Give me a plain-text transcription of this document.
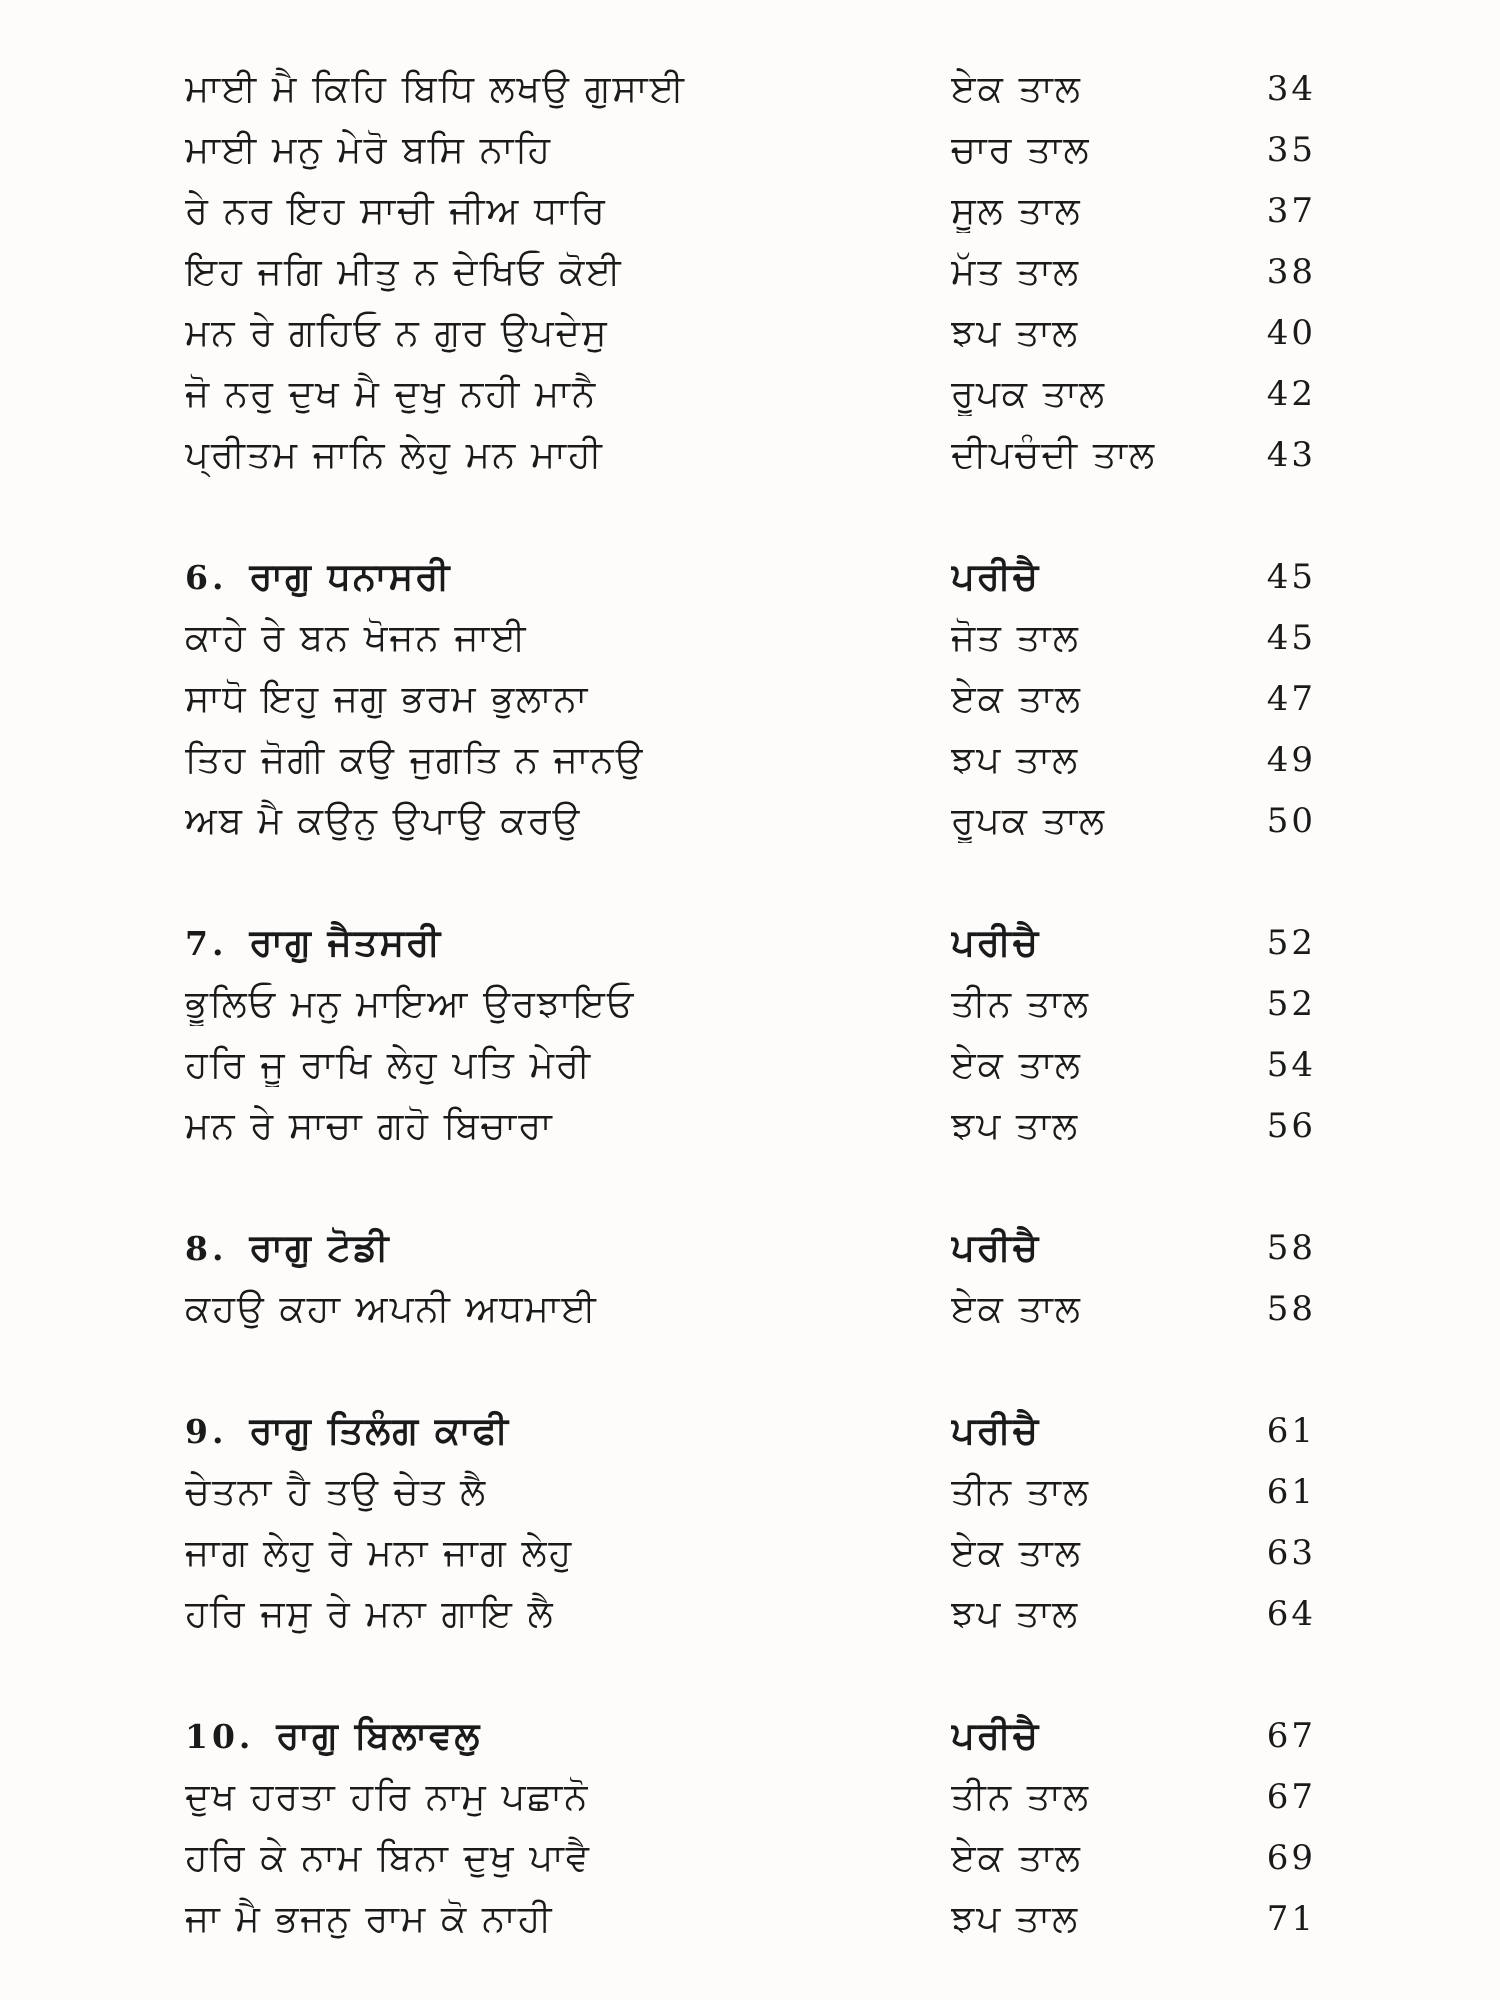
ਮਾਈ ਮੈ ਕਿਹਿ ਬਿਧਿ ਲਖਉ ਗੁਸਾਈ	ਏਕ ਤਾਲ	34
ਮਾਈ ਮਨੁ ਮੇਰੋ ਬਸਿ ਨਾਹਿ	ਚਾਰ ਤਾਲ	35
ਰੇ ਨਰ ਇਹ ਸਾਚੀ ਜੀਅ ਧਾਰਿ	ਸੂਲ ਤਾਲ	37
ਇਹ ਜਗਿ ਮੀਤੁ ਨ ਦੇਖਿਓ ਕੋਈ	ਮੱਤ ਤਾਲ	38
ਮਨ ਰੇ ਗਹਿਓ ਨ ਗੁਰ ਉਪਦੇਸੁ	ਝਪ ਤਾਲ	40
ਜੋ ਨਰੁ ਦੁਖ ਮੈ ਦੁਖੁ ਨਹੀ ਮਾਨੈ	ਰੂਪਕ ਤਾਲ	42
ਪ੍ਰੀਤਮ ਜਾਨਿ ਲੇਹੁ ਮਨ ਮਾਹੀ	ਦੀਪਚੰਦੀ ਤਾਲ	43
6. ਰਾਗੁ ਧਨਾਸਰੀ	ਪਰੀਚੈ	45
ਕਾਹੇ ਰੇ ਬਨ ਖੋਜਨ ਜਾਈ	ਜੋਤ ਤਾਲ	45
ਸਾਧੋ ਇਹੁ ਜਗੁ ਭਰਮ ਭੁਲਾਨਾ	ਏਕ ਤਾਲ	47
ਤਿਹ ਜੋਗੀ ਕਉ ਜੁਗਤਿ ਨ ਜਾਨਉ	ਝਪ ਤਾਲ	49
ਅਬ ਮੈ ਕਉਨੁ ਉਪਾਉ ਕਰਉ	ਰੂਪਕ ਤਾਲ	50
7. ਰਾਗੁ ਜੈਤਸਰੀ	ਪਰੀਚੈ	52
ਭੂਲਿਓ ਮਨੁ ਮਾਇਆ ਉਰਝਾਇਓ	ਤੀਨ ਤਾਲ	52
ਹਰਿ ਜੂ ਰਾਖਿ ਲੇਹੁ ਪਤਿ ਮੇਰੀ	ਏਕ ਤਾਲ	54
ਮਨ ਰੇ ਸਾਚਾ ਗਹੋ ਬਿਚਾਰਾ	ਝਪ ਤਾਲ	56
8. ਰਾਗੁ ਟੋਡੀ	ਪਰੀਚੈ	58
ਕਹਉ ਕਹਾ ਅਪਨੀ ਅਧਮਾਈ	ਏਕ ਤਾਲ	58
9. ਰਾਗੁ ਤਿਲੰਗ ਕਾਫੀ	ਪਰੀਚੈ	61
ਚੇਤਨਾ ਹੈ ਤਉ ਚੇਤ ਲੈ	ਤੀਨ ਤਾਲ	61
ਜਾਗ ਲੇਹੁ ਰੇ ਮਨਾ ਜਾਗ ਲੇਹੁ	ਏਕ ਤਾਲ	63
ਹਰਿ ਜਸੁ ਰੇ ਮਨਾ ਗਾਇ ਲੈ	ਝਪ ਤਾਲ	64
10. ਰਾਗੁ ਬਿਲਾਵਲੁ	ਪਰੀਚੈ	67
ਦੁਖ ਹਰਤਾ ਹਰਿ ਨਾਮੁ ਪਛਾਨੋ	ਤੀਨ ਤਾਲ	67
ਹਰਿ ਕੇ ਨਾਮ ਬਿਨਾ ਦੁਖੁ ਪਾਵੈ	ਏਕ ਤਾਲ	69
ਜਾ ਮੈ ਭਜਨੁ ਰਾਮ ਕੋ ਨਾਹੀ	ਝਪ ਤਾਲ	71
